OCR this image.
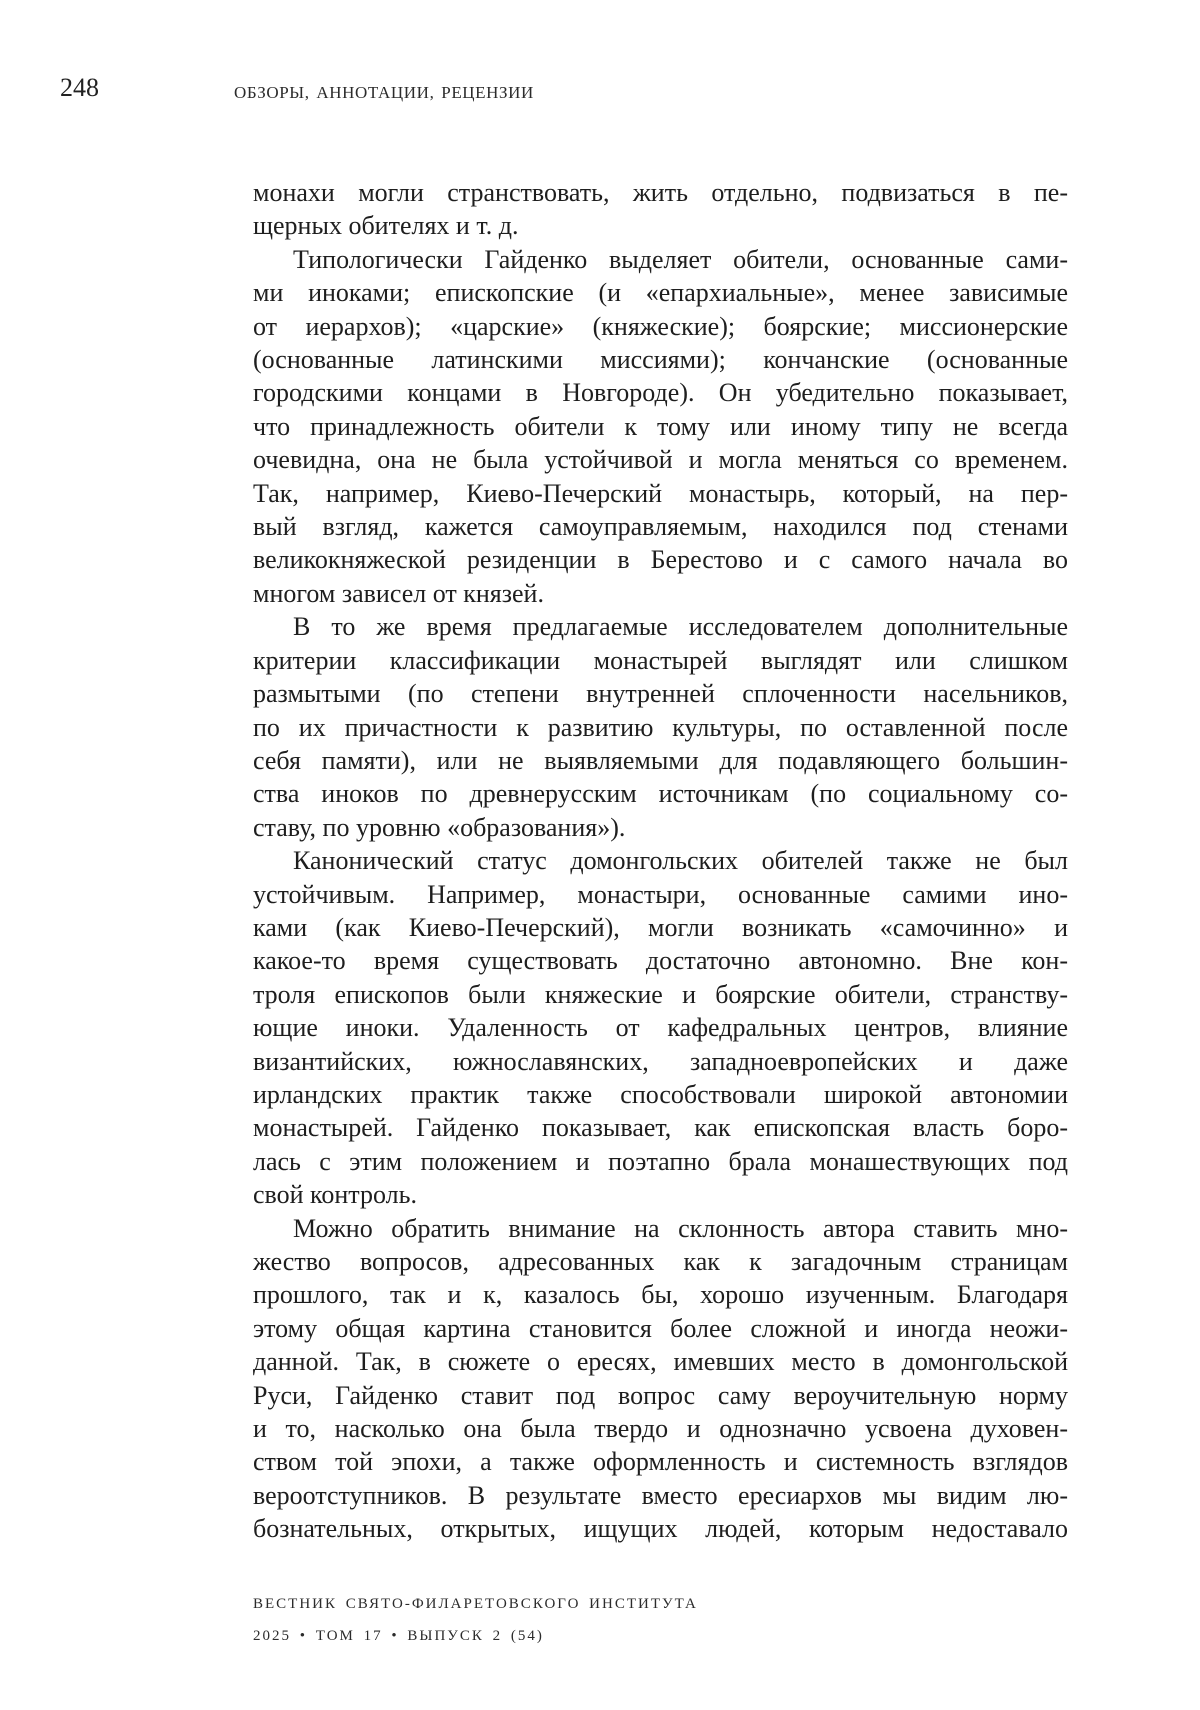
248	ОБЗОРЫ, АННОТАЦИИ, РЕЦЕНЗИИ
монахи могли странствовать, жить отдельно, подвизаться в пе-
щерных обителях и т. д.
Типологически Гайденко выделяет обители, основанные сами-
ми иноками; епископские (и «епархиальные», менее зависимые
от иерархов); «царские» (княжеские); боярские; миссионерские
(основанные латинскими миссиями); кончанские (основанные
городскими концами в Новгороде). Он убедительно показывает,
что принадлежность обители к тому или иному типу не всегда
очевидна, она не была устойчивой и могла меняться со временем.
Так, например, Киево-Печерский монастырь, который, на пер-
вый взгляд, кажется самоуправляемым, находился под стенами
великокняжеской резиденции в Берестово и с самого начала во
многом зависел от князей.
В то же время предлагаемые исследователем дополнительные
критерии классификации монастырей выглядят или слишком
размытыми (по степени внутренней сплоченности насельников,
по их причастности к развитию культуры, по оставленной после
себя памяти), или не выявляемыми для подавляющего большин-
ства иноков по древнерусским источникам (по социальному со-
ставу, по уровню «образования»).
Канонический статус домонгольских обителей также не был
устойчивым. Например, монастыри, основанные самими ино-
ками (как Киево-Печерский), могли возникать «самочинно» и
какое-то время существовать достаточно автономно. Вне кон-
троля епископов были княжеские и боярские обители, странству-
ющие иноки. Удаленность от кафедральных центров, влияние
византийских, южнославянских, западноевропейских и даже
ирландских практик также способствовали широкой автономии
монастырей. Гайденко показывает, как епископская власть боро-
лась с этим положением и поэтапно брала монашествующих под
свой контроль.
Можно обратить внимание на склонность автора ставить мно-
жество вопросов, адресованных как к загадочным страницам
прошлого, так и к, казалось бы, хорошо изученным. Благодаря
этому общая картина становится более сложной и иногда неожи-
данной. Так, в сюжете о ересях, имевших место в домонгольской
Руси, Гайденко ставит под вопрос саму вероучительную норму
и то, насколько она была твердо и однозначно усвоена духовен-
ством той эпохи, а также оформленность и системность взглядов
вероотступников. В результате вместо ересиархов мы видим лю-
бознательных, открытых, ищущих людей, которым недоставало
ВЕСТНИК СВЯТО-ФИЛАРЕТОВСКОГО ИНСТИТУТА
2025 • ТОМ 17 • ВЫПУСК 2 (54)
